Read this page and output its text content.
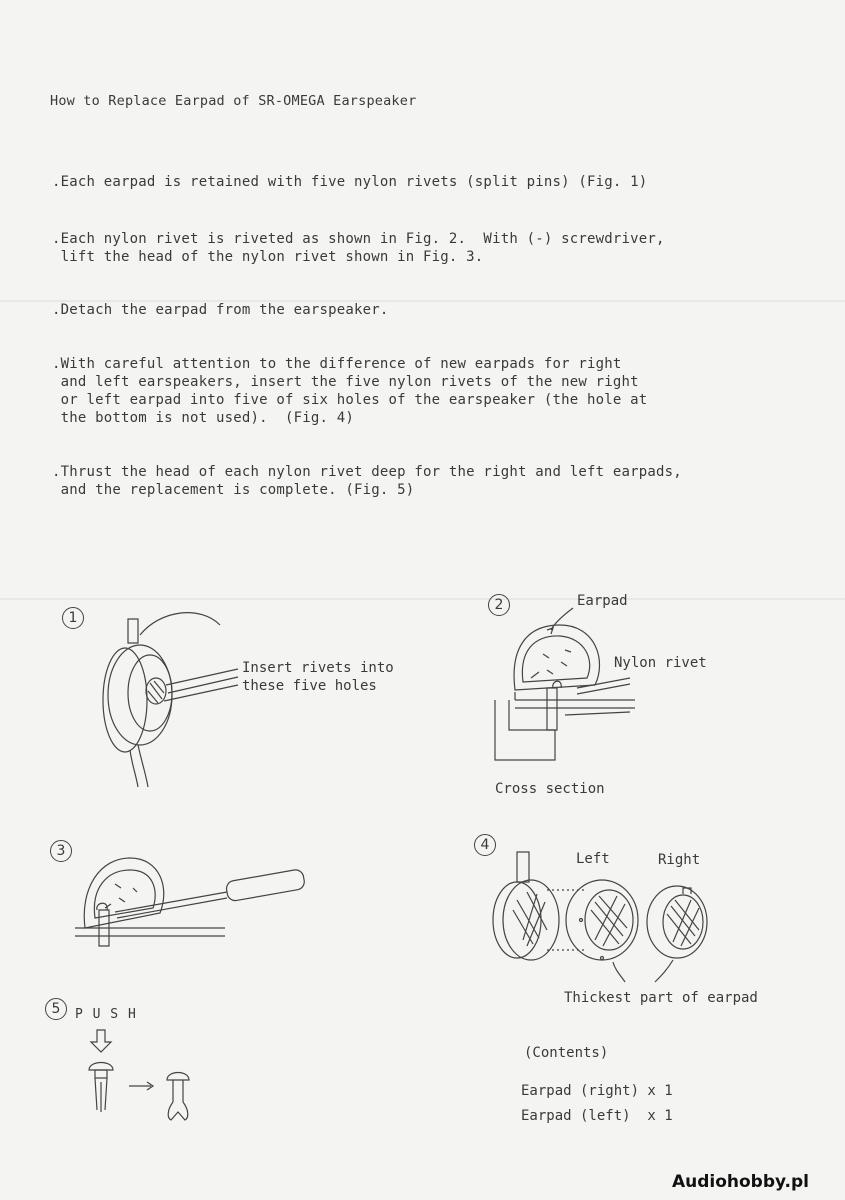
How to Replace Earpad of SR-OMEGA Earspeaker
.Each earpad is retained with five nylon rivets (split pins) (Fig. 1)
.Each nylon rivet is riveted as shown in Fig. 2.  With (-) screwdriver,
lift the head of the nylon rivet shown in Fig. 3.
.Detach the earpad from the earspeaker.
.With careful attention to the difference of new earpads for right
and left earspeakers, insert the five nylon rivets of the new right
or left earpad into five of six holes of the earspeaker (the hole at
the bottom is not used).  (Fig. 4)
.Thrust the head of each nylon rivet deep for the right and left earpads,
and the replacement is complete. (Fig. 5)
1
Insert rivets into
these five holes
2	Earpad
Nylon rivet
Cross section
3	4
Left	Right
Thickest part of earpad
5	P U S H
(Contents)
Earpad (right) x 1
Earpad (left)  x 1
Audiohobby.pl
